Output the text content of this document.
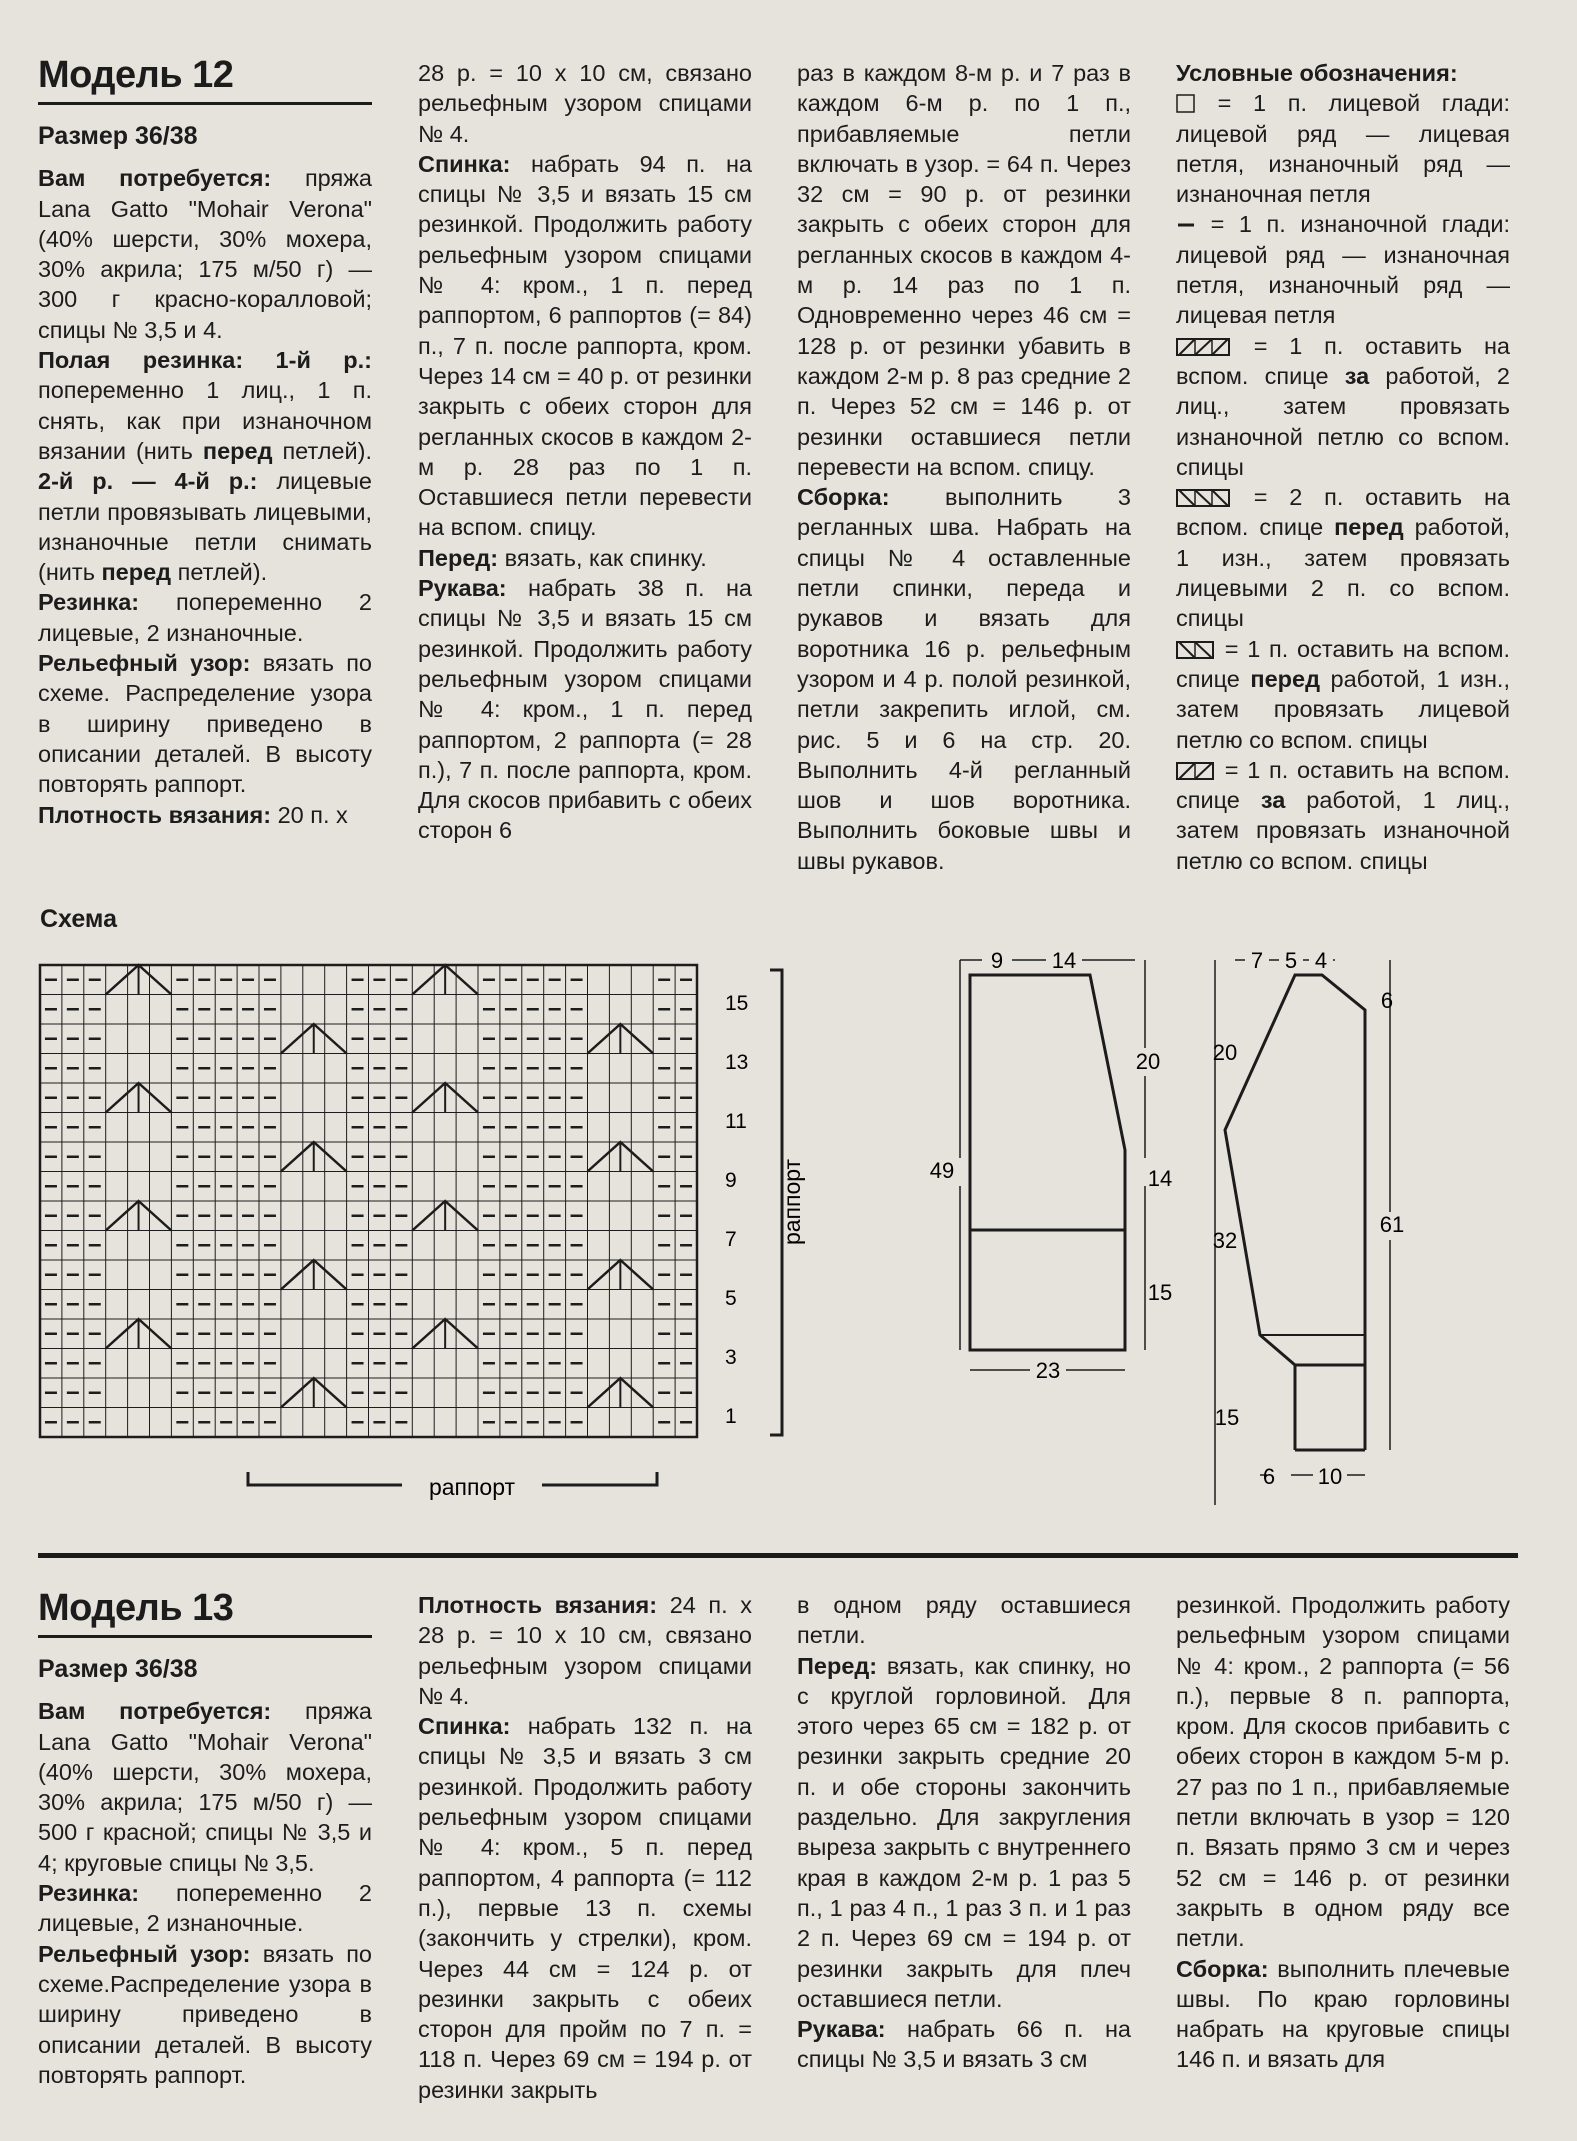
Модель 12
Размер 36/38

Вам потребуется: пряжа Lana Gatto "Mohair Verona" (40% шерсти, 30% мохера, 30% акрила; 175 м/50 г) — 300 г красно-коралловой; спицы № 3,5 и 4.

Полая резинка: 1-й р.: попеременно 1 лиц., 1 п. снять, как при изнаночном вязании (нить перед петлей). 2-й р. — 4-й р.: лицевые петли провязывать лицевыми, изнаночные петли снимать (нить перед петлей).

Резинка: попеременно 2 лицевые, 2 изнаночные.

Рельефный узор: вязать по схеме. Распределение узора в ширину приведено в описании деталей. В высоту повторять раппорт.

Плотность вязания: 20 п. х

28 р. = 10 х 10 см, связано рельефным узором спицами № 4.

Спинка: набрать 94 п. на спицы № 3,5 и вязать 15 см резинкой. Продолжить работу рельефным узором спицами № 4: кром., 1 п. перед раппортом, 6 раппортов (= 84) п., 7 п. после раппорта, кром. Через 14 см = 40 р. от резинки закрыть с обеих сторон для регланных скосов в каждом 2-м р. 28 раз по 1 п. Оставшиеся петли перевести на вспом. спицу.

Перед: вязать, как спинку.

Рукава: набрать 38 п. на спицы № 3,5 и вязать 15 см резинкой. Продолжить работу рельефным узором спицами № 4: кром., 1 п. перед раппортом, 2 раппорта (= 28 п.), 7 п. после раппорта, кром. Для скосов прибавить с обеих сторон 6

раз в каждом 8-м р. и 7 раз в каждом 6-м р. по 1 п., прибавляемые петли включать в узор. = 64 п. Через 32 см = 90 р. от резинки закрыть с обеих сторон для регланных скосов в каждом 4-м р. 14 раз по 1 п. Одновременно через 46 см = 128 р. от резинки убавить в каждом 2-м р. 8 раз средние 2 п. Через 52 см = 146 р. от резинки оставшиеся петли перевести на вспом. спицу.

Сборка: выполнить 3 регланных шва. Набрать на спицы № 4 оставленные петли спинки, переда и рукавов и вязать для воротника 16 р. рельефным узором и 4 р. полой резинкой, петли закрепить иглой, см. рис. 5 и 6 на стр. 20. Выполнить 4-й регланный шов и шов воротника. Выполнить боковые швы и швы рукавов.

Условные обозначения:

= 1 п. лицевой глади: лицевой ряд — лицевая петля, изнаночный ряд — изнаночная петля

= 1 п. изнаночной глади: лицевой ряд — изнаночная петля, изнаночный ряд — лицевая петля

= 1 п. оставить на вспом. спице за работой, 2 лиц., затем провязать изнаночной петлю со вспом. спицы

= 2 п. оставить на вспом. спице перед работой, 1 изн., затем провязать лицевыми 2 п. со вспом. спицы

= 1 п. оставить на вспом. спице перед работой, 1 изн., затем провязать лицевой петлю со вспом. спицы

= 1 п. оставить на вспом. спице за работой, 1 лиц., затем провязать изнаночной петлю со вспом. спицы

Схема
15
13
11
9
7
5
3
1
раппорт
раппорт
9 14
20
49	14
15
23
7 5 4
6
20
32
61
15
6 10
Модель 13
Размер 36/38

Вам потребуется: пряжа Lana Gatto "Mohair Verona" (40% шерсти, 30% мохера, 30% акрила; 175 м/50 г) — 500 г красной; спицы № 3,5 и 4; круговые спицы № 3,5.

Резинка: попеременно 2 лицевые, 2 изнаночные.

Рельефный узор: вязать по схеме.Распределение узора в ширину приведено в описании деталей. В высоту повторять раппорт.

Плотность вязания: 24 п. х 28 р. = 10 х 10 см, связано рельефным узором спицами № 4.

Спинка: набрать 132 п. на спицы № 3,5 и вязать 3 см резинкой. Продолжить работу рельефным узором спицами № 4: кром., 5 п. перед раппортом, 4 раппорта (= 112 п.), первые 13 п. схемы (закончить у стрелки), кром. Через 44 см = 124 р. от резинки закрыть с обеих сторон для пройм по 7 п. = 118 п. Через 69 см = 194 р. от резинки закрыть

в одном ряду оставшиеся петли.

Перед: вязать, как спинку, но с круглой горловиной. Для этого через 65 см = 182 р. от резинки закрыть средние 20 п. и обе стороны закончить раздельно. Для закругления выреза закрыть с внутреннего края в каждом 2-м р. 1 раз 5 п., 1 раз 4 п., 1 раз 3 п. и 1 раз 2 п. Через 69 см = 194 р. от резинки закрыть для плеч оставшиеся петли.

Рукава: набрать 66 п. на спицы № 3,5 и вязать 3 см

резинкой. Продолжить работу рельефным узором спицами № 4: кром., 2 раппорта (= 56 п.), первые 8 п. раппорта, кром. Для скосов прибавить с обеих сторон в каждом 5-м р. 27 раз по 1 п., прибавляемые петли включать в узор = 120 п. Вязать прямо 3 см и через 52 см = 146 р. от резинки закрыть в одном ряду все петли.

Сборка: выполнить плечевые швы. По краю горловины набрать на круговые спицы 146 п. и вязать для
